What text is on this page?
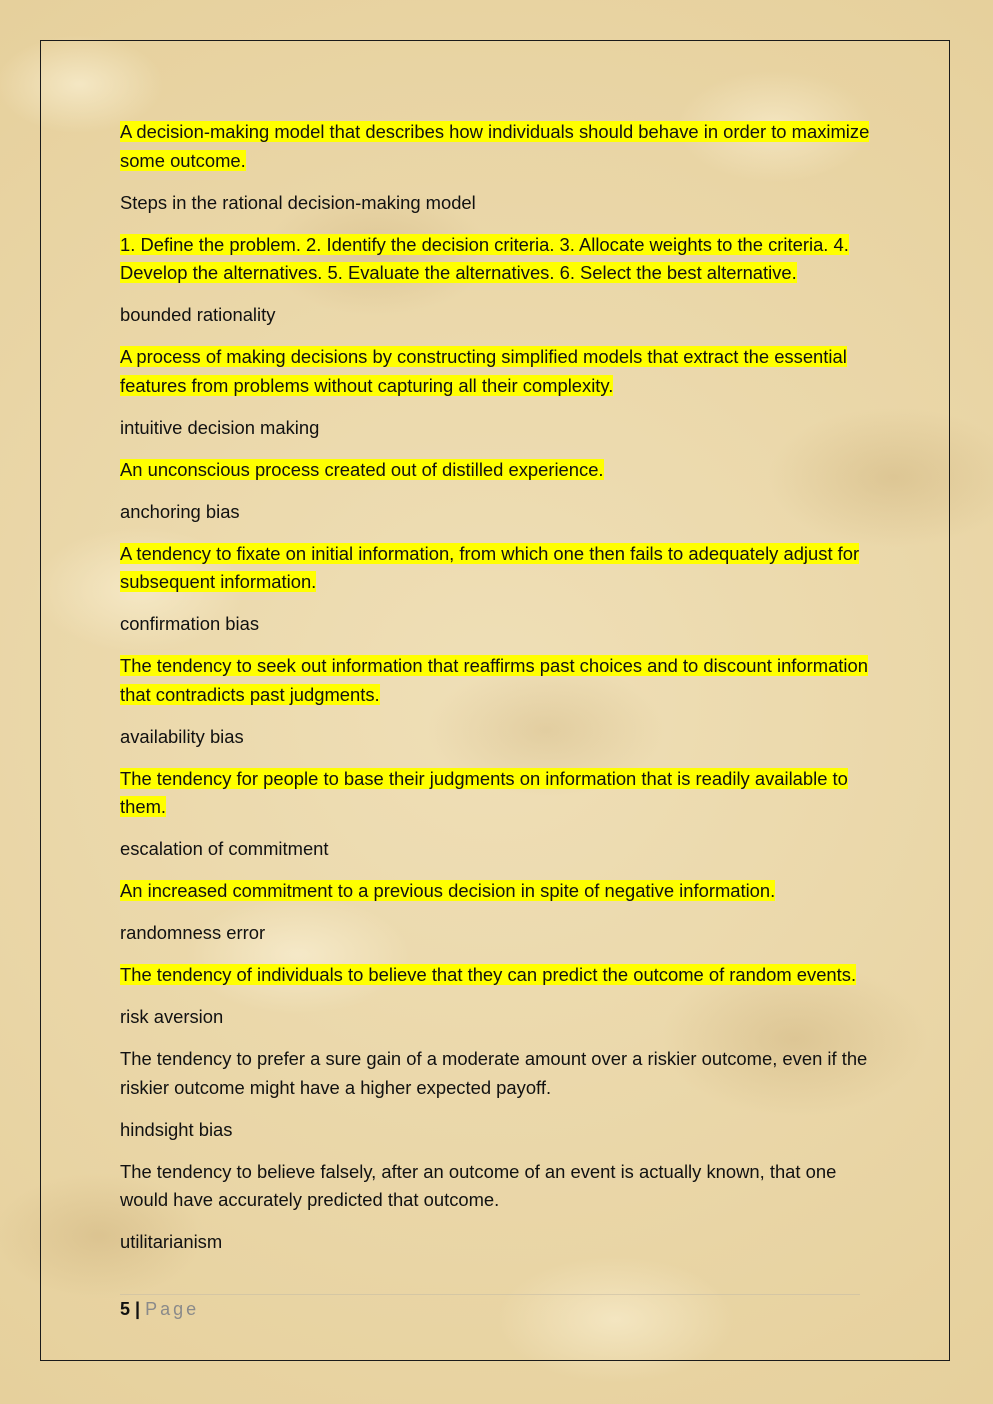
A decision-making model that describes how individuals should behave in order to maximize some outcome.

Steps in the rational decision-making model

1. Define the problem. 2. Identify the decision criteria. 3. Allocate weights to the criteria. 4. Develop the alternatives. 5. Evaluate the alternatives. 6. Select the best alternative.

bounded rationality

A process of making decisions by constructing simplified models that extract the essential features from problems without capturing all their complexity.

intuitive decision making

An unconscious process created out of distilled experience.

anchoring bias

A tendency to fixate on initial information, from which one then fails to adequately adjust for subsequent information.

confirmation bias

The tendency to seek out information that reaffirms past choices and to discount information that contradicts past judgments.

availability bias

The tendency for people to base their judgments on information that is readily available to them.

escalation of commitment

An increased commitment to a previous decision in spite of negative information.

randomness error

The tendency of individuals to believe that they can predict the outcome of random events.

risk aversion

The tendency to prefer a sure gain of a moderate amount over a riskier outcome, even if the riskier outcome might have a higher expected payoff.

hindsight bias

The tendency to believe falsely, after an outcome of an event is actually known, that one would have accurately predicted that outcome.

utilitarianism

5 | Page
